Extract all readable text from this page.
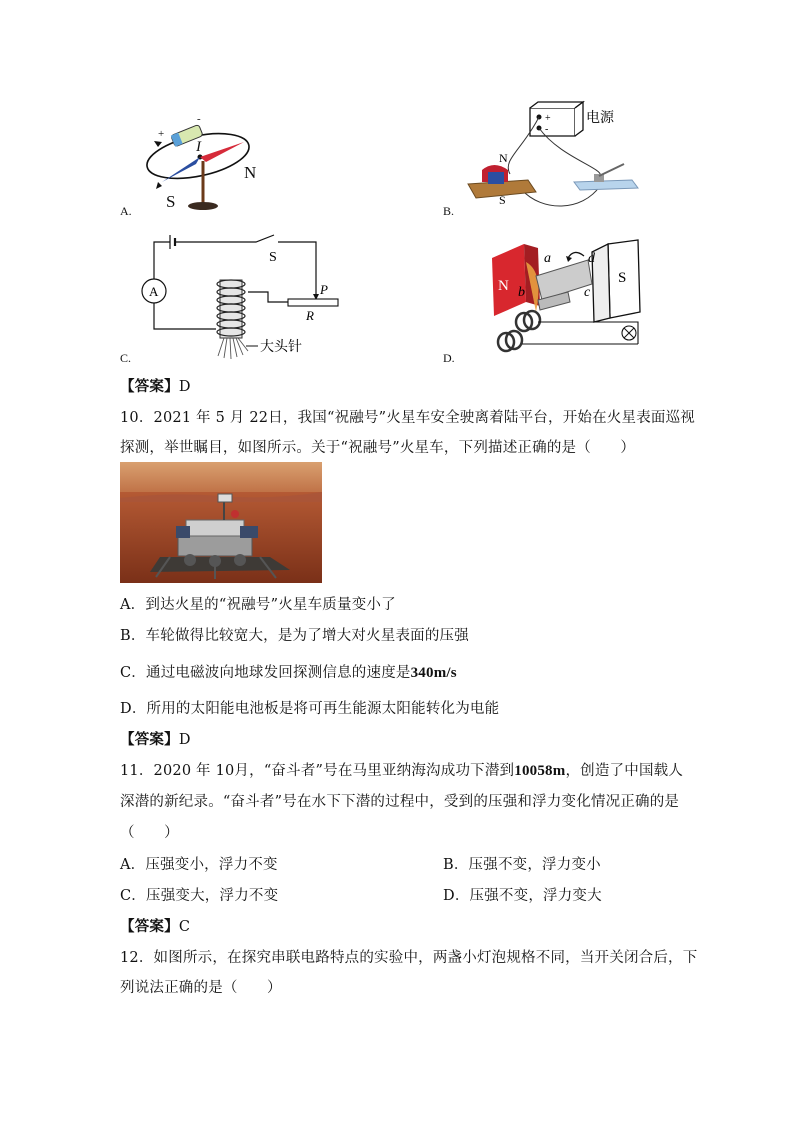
-
+
I
N
S
A.
+
-
电源
N
S
B.
S
P
R
A
大头针
C.
N	S
a
b	c
d
D.
【答案】D
10．2021 年 5 月 22日，我国“祝融号”火星车安全驶离着陆平台，开始在火星表面巡视
探测，举世瞩目，如图所示。关于“祝融号”火星车，下列描述正确的是（　　）
A．到达火星的“祝融号”火星车质量变小了
B．车轮做得比较宽大，是为了增大对火星表面的压强
C．通过电磁波向地球发回探测信息的速度是340m/s
D．所用的太阳能电池板是将可再生能源太阳能转化为电能
【答案】D
11．2020 年 10月，“奋斗者”号在马里亚纳海沟成功下潜到10058m，创造了中国载人
深潜的新纪录。“奋斗者”号在水下下潜的过程中，受到的压强和浮力变化情况正确的是
（　　）
A．压强变小，浮力不变	B．压强不变，浮力变小
C．压强变大，浮力不变	D．压强不变，浮力变大
【答案】C
12．如图所示，在探究串联电路特点的实验中，两盏小灯泡规格不同，当开关闭合后，下
列说法正确的是（　　）
